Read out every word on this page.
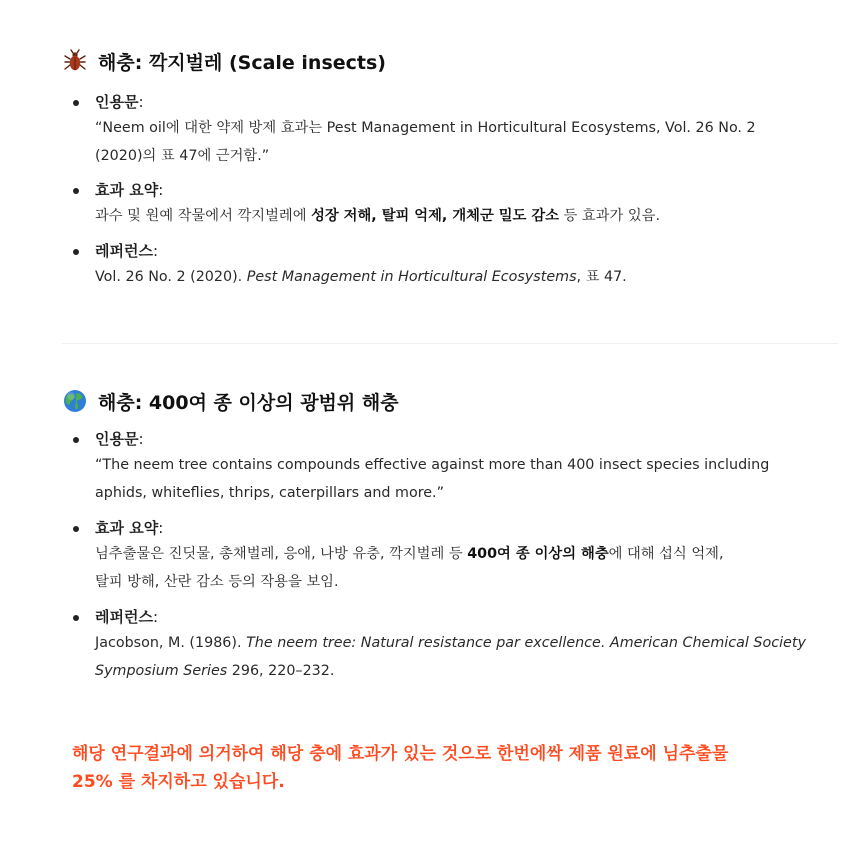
해충: 깍지벌레 (Scale insects)
인용문:
“Neem oil에 대한 약제 방제 효과는 Pest Management in Horticultural Ecosystems, Vol. 26 No. 2
(2020)의 표 47에 근거함.”
효과 요약:
과수 및 원예 작물에서 깍지벌레에 성장 저해, 탈피 억제, 개체군 밀도 감소 등 효과가 있음.
레퍼런스:
Vol. 26 No. 2 (2020). Pest Management in Horticultural Ecosystems, 표 47.
해충: 400여 종 이상의 광범위 해충
인용문:
“The neem tree contains compounds effective against more than 400 insect species including
aphids, whiteflies, thrips, caterpillars and more.”
효과 요약:
님추출물은 진딧물, 총채벌레, 응애, 나방 유충, 깍지벌레 등 400여 종 이상의 해충에 대해 섭식 억제,
탈피 방해, 산란 감소 등의 작용을 보임.
레퍼런스:
Jacobson, M. (1986). The neem tree: Natural resistance par excellence. American Chemical Society
Symposium Series 296, 220–232.
해당 연구결과에 의거하여 해당 충에 효과가 있는 것으로 한번에싹 제품 원료에 님추출물
25% 를 차지하고 있습니다.
